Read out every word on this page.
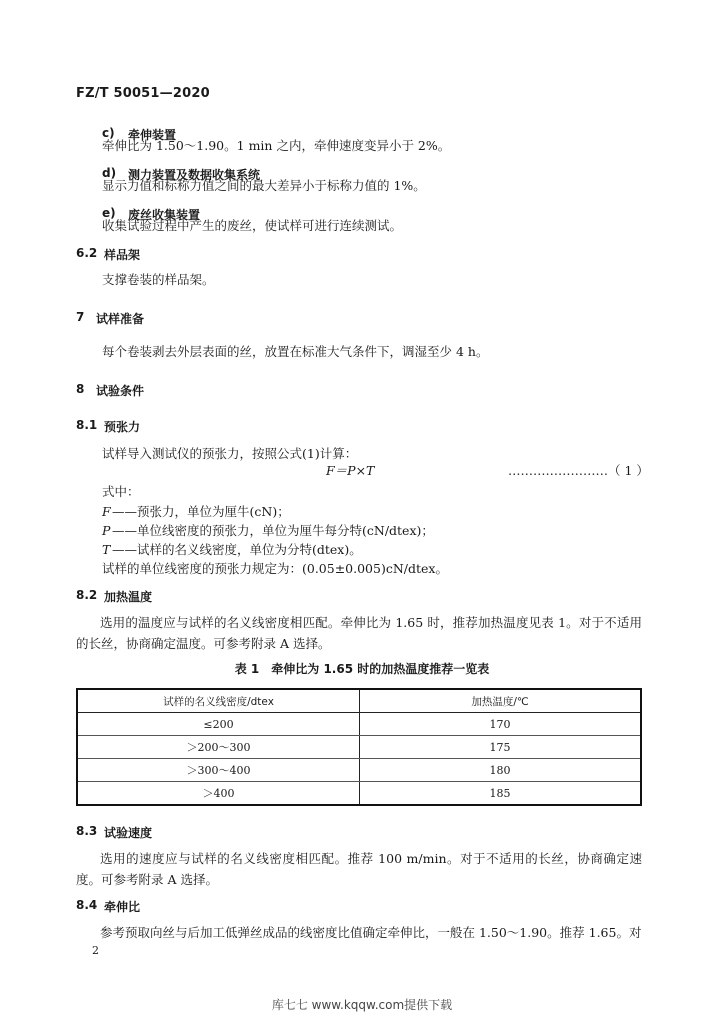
FZ/T 50051—2020
c) 牵伸装置
牵伸比为 1.50～1.90。1 min 之内，牵伸速度变异小于 2%。
d) 测力装置及数据收集系统
显示力值和标称力值之间的最大差异小于标称力值的 1%。
e) 废丝收集装置
收集试验过程中产生的废丝，使试样可进行连续测试。
6.2 样品架
支撑卷装的样品架。
7 试样准备
每个卷装剥去外层表面的丝，放置在标准大气条件下，调湿至少 4 h。
8 试验条件
8.1 预张力
试样导入测试仪的预张力，按照公式(1)计算：
F＝P×T	……………………（ 1 ）
式中：
F ——预张力，单位为厘牛(cN)；
P ——单位线密度的预张力，单位为厘牛每分特(cN/dtex)；
T ——试样的名义线密度，单位为分特(dtex)。
试样的单位线密度的预张力规定为：(0.05±0.005)cN/dtex。
8.2 加热温度
选用的温度应与试样的名义线密度相匹配。牵伸比为 1.65 时，推荐加热温度见表 1。对于不适用的长丝，协商确定温度。可参考附录 A 选择。
表 1　牵伸比为 1.65 时的加热温度推荐一览表
试样的名义线密度/dtex	加热温度/℃
≤200	170
＞200～300	175
＞300～400	180
＞400	185
8.3 试验速度
选用的速度应与试样的名义线密度相匹配。推荐 100 m/min。对于不适用的长丝，协商确定速度。可参考附录 A 选择。
8.4 牵伸比
参考预取向丝与后加工低弹丝成品的线密度比值确定牵伸比，一般在 1.50～1.90。推荐 1.65。对
2
库七七 www.kqqw.com提供下载
